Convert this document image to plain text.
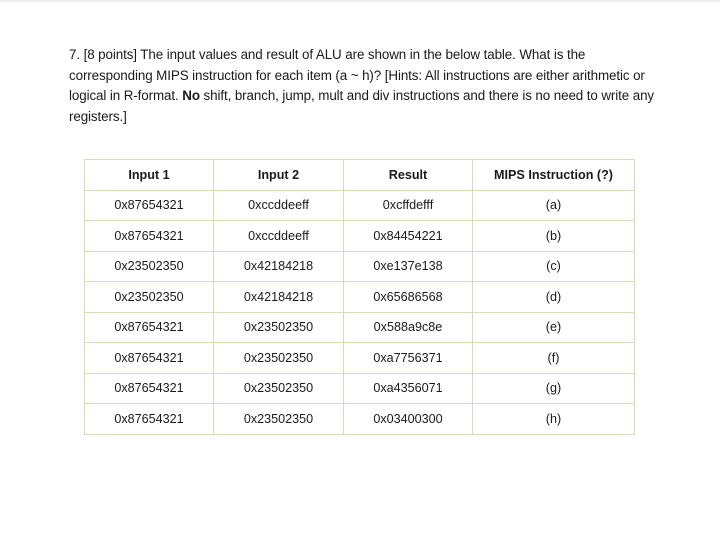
7. [8 points] The input values and result of ALU are shown in the below table. What is the corresponding MIPS instruction for each item (a ~ h)? [Hints: All instructions are either arithmetic or logical in R-format. No shift, branch, jump, mult and div instructions and there is no need to write any registers.]

Input 1	Input 2	Result	MIPS Instruction (?)
0x87654321	0xccddeeff	0xcffdefff	(a)
0x87654321	0xccddeeff	0x84454221	(b)
0x23502350	0x42184218	0xe137e138	(c)
0x23502350	0x42184218	0x65686568	(d)
0x87654321	0x23502350	0x588a9c8e	(e)
0x87654321	0x23502350	0xa7756371	(f)
0x87654321	0x23502350	0xa4356071	(g)
0x87654321	0x23502350	0x03400300	(h)
